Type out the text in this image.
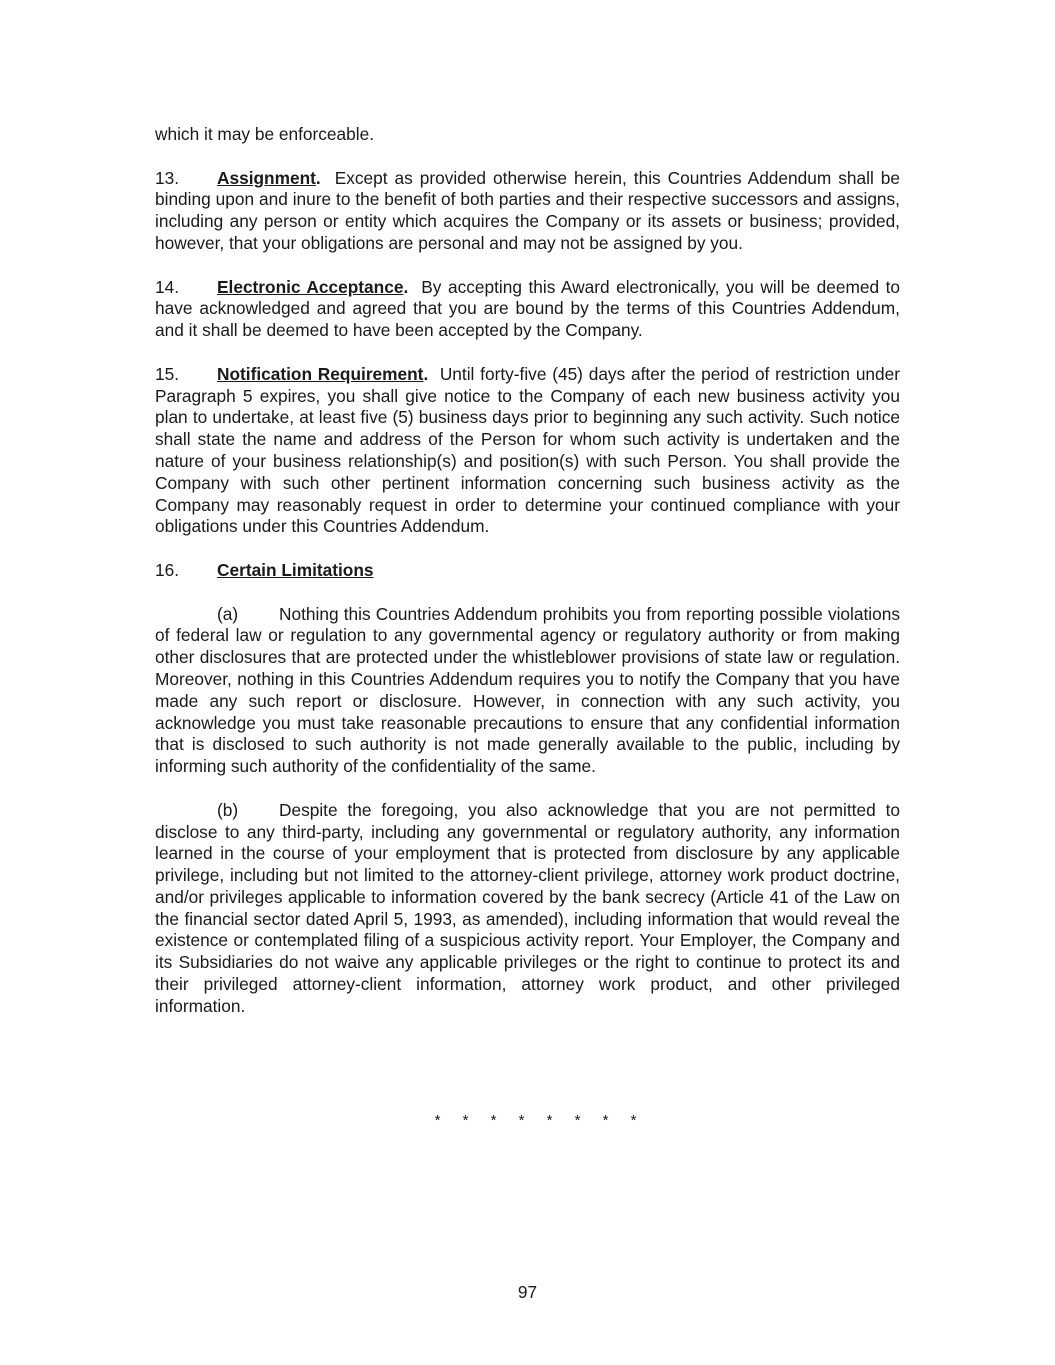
which it may be enforceable.

13. Assignment. Except as provided otherwise herein, this Countries Addendum shall be binding upon and inure to the benefit of both parties and their respective successors and assigns, including any person or entity which acquires the Company or its assets or business; provided, however, that your obligations are personal and may not be assigned by you.

14. Electronic Acceptance. By accepting this Award electronically, you will be deemed to have acknowledged and agreed that you are bound by the terms of this Countries Addendum, and it shall be deemed to have been accepted by the Company.

15. Notification Requirement. Until forty-five (45) days after the period of restriction under Paragraph 5 expires, you shall give notice to the Company of each new business activity you plan to undertake, at least five (5) business days prior to beginning any such activity. Such notice shall state the name and address of the Person for whom such activity is undertaken and the nature of your business relationship(s) and position(s) with such Person. You shall provide the Company with such other pertinent information concerning such business activity as the Company may reasonably request in order to determine your continued compliance with your obligations under this Countries Addendum.

16. Certain Limitations

(a) Nothing this Countries Addendum prohibits you from reporting possible violations of federal law or regulation to any governmental agency or regulatory authority or from making other disclosures that are protected under the whistleblower provisions of state law or regulation. Moreover, nothing in this Countries Addendum requires you to notify the Company that you have made any such report or disclosure. However, in connection with any such activity, you acknowledge you must take reasonable precautions to ensure that any confidential information that is disclosed to such authority is not made generally available to the public, including by informing such authority of the confidentiality of the same.

(b) Despite the foregoing, you also acknowledge that you are not permitted to disclose to any third-party, including any governmental or regulatory authority, any information learned in the course of your employment that is protected from disclosure by any applicable privilege, including but not limited to the attorney-client privilege, attorney work product doctrine, and/or privileges applicable to information covered by the bank secrecy (Article 41 of the Law on the financial sector dated April 5, 1993, as amended), including information that would reveal the existence or contemplated filing of a suspicious activity report. Your Employer, the Company and its Subsidiaries do not waive any applicable privileges or the right to continue to protect its and their privileged attorney-client information, attorney work product, and other privileged information.

* * * * * * * *
97
